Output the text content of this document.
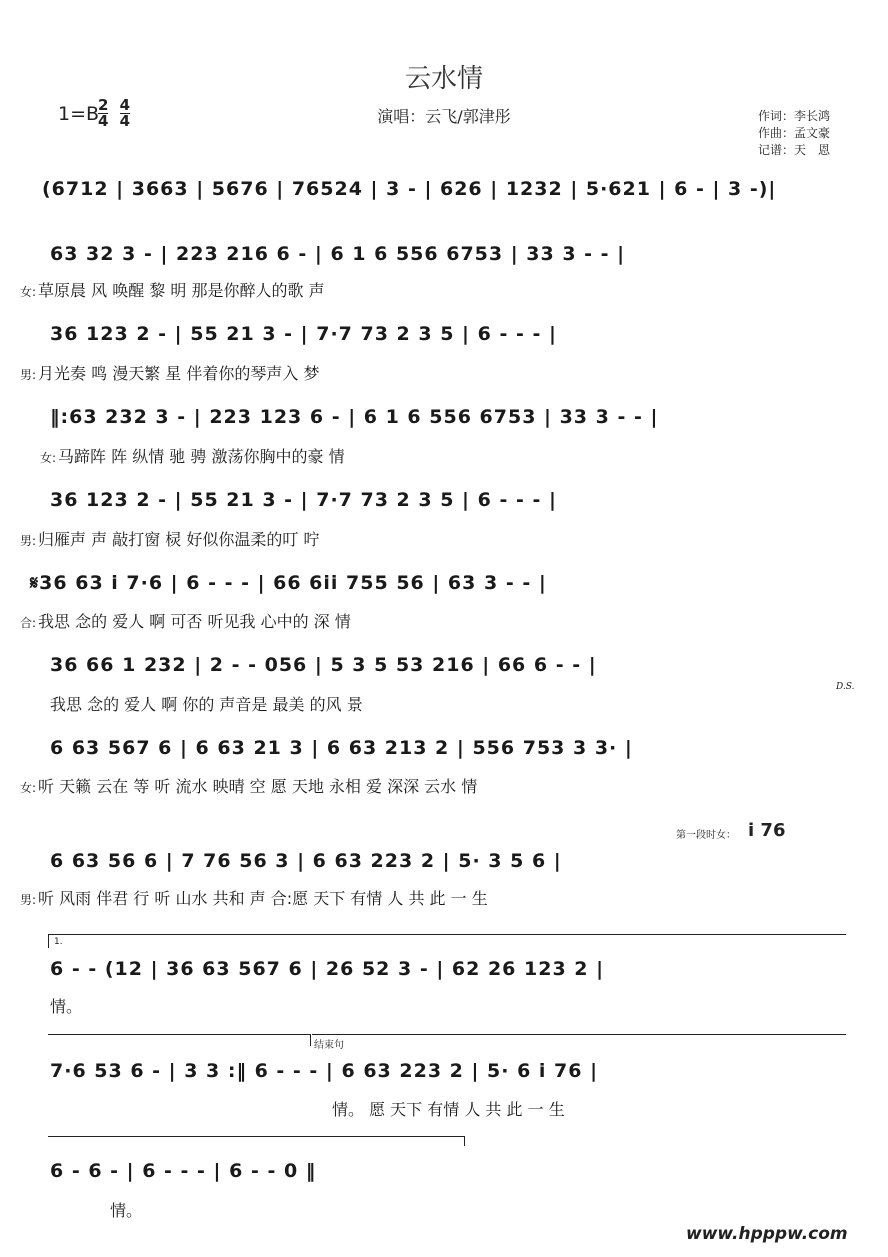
云水情
1=B
$\frac{2}{4}$
$\frac{4}{4}$	演唱：云飞/郭津彤	作词：李长鸿
作曲：孟文豪
记谱：天　恩
(6712 | 3663 | 5676 | 76524 | 3 - | 626 | 1232 | 5·621 | 6 - | 3 -)|
63 32 3 - | 223 216 6 - | 6 1 6 556 6753 | 33 3 - - |
女: 草原晨 风 唤醒 黎 明 那是你醉人的歌 声
36 123 2 - | 55 21 3 - | 7·7 73 2 3 5 | 6 - - - |
男: 月光奏 鸣 漫天繁 星 伴着你的琴声入 梦
‖:63 232 3 - | 223 123 6 - | 6 1 6 556 6753 | 33 3 - - |
女: 马蹄阵 阵 纵情 驰 骋 激荡你胸中的豪 情
36 123 2 - | 55 21 3 - | 7·7 73 2 3 5 | 6 - - - |
男: 归雁声 声 敲打窗 棂 好似你温柔的叮 咛
𝄋36 63 i 7·6 | 6 - - - | 66 6ii 755 56 | 63 3 - - |
合: 我思 念的 爱人 啊 可否 听见我 心中的 深 情
36 66 1 232 | 2 - - 056 | 5 3 5 53 216 | 66 6 - - |
我思 念的 爱人 啊 你的 声音是 最美 的风 景
D.S.
6 63 567 6 | 6 63 21 3 | 6 63 213 2 | 556 753 3 3· |
女: 听 天籁 云在 等 听 流水 映晴 空 愿 天地 永相 爱 深深 云水 情
第一段时女： i 76
6 63 56 6 | 7 76 56 3 | 6 63 223 2 | 5· 3 5 6 |
男: 听 风雨 伴君 行 听 山水 共和 声 合:愿 天下 有情 人 共 此 一 生
1.
6 - - (12 | 36 63 567 6 | 26 52 3 - | 62 26 123 2 |
情。
结束句
7·6 53 6 - | 3 3 :‖ 6 - - - | 6 63 223 2 | 5· 6 i 76 |
情。 愿 天下 有情 人 共 此 一 生
6 - 6 - | 6 - - - | 6 - - 0 ‖
情。
www.hpppw.com
